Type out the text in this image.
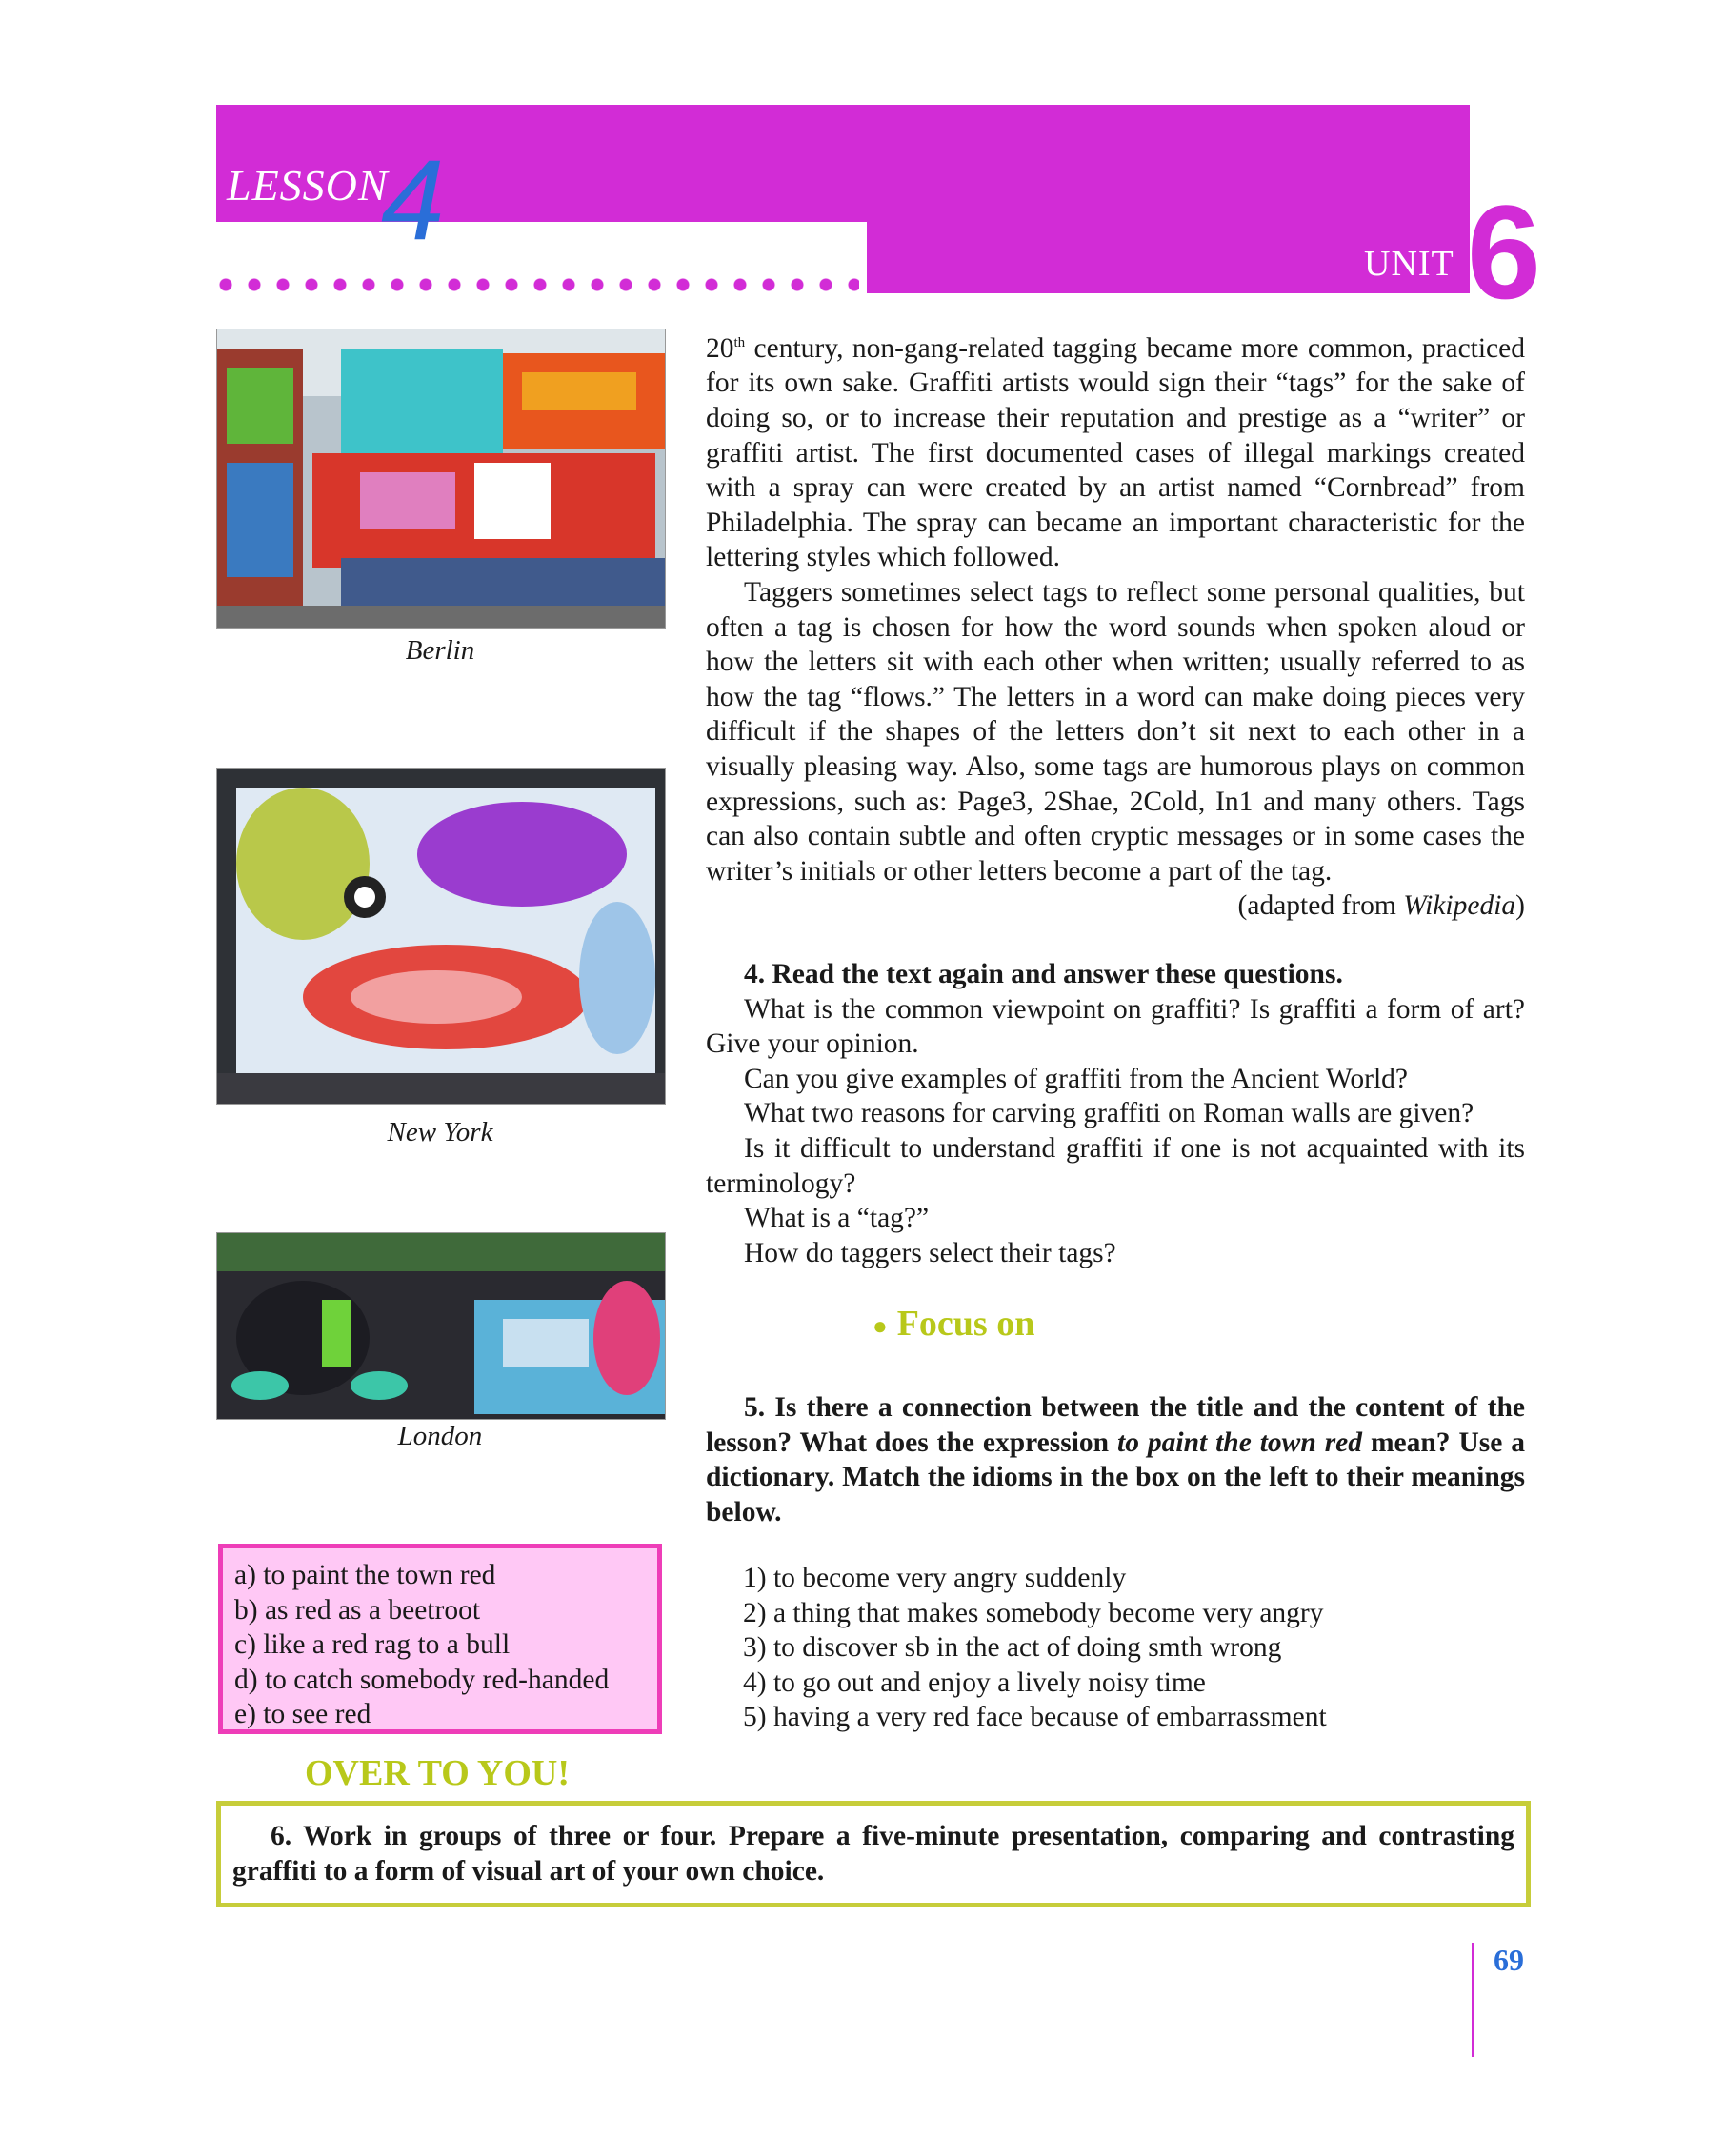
LESSON
4	UNIT 6
Berlin
New York
London

20th century, non-gang-related tagging became more common, practiced for its own sake. Graffiti artists would sign their “tags” for the sake of doing so, or to increase their reputation and prestige as a “writer” or graffiti artist. The first documented cases of illegal markings created with a spray can were created by an artist named “Cornbread” from Philadelphia. The spray can became an important characteristic for the lettering styles which followed.

Taggers sometimes select tags to reflect some personal qualities, but often a tag is chosen for how the word sounds when spoken aloud or how the letters sit with each other when written; usually referred to as how the tag “flows.” The letters in a word can make doing pieces very difficult if the shapes of the letters don’t sit next to each other in a visually pleasing way. Also, some tags are humorous plays on common expressions, such as: Page3, 2Shae, 2Cold, In1 and many others. Tags can also contain subtle and often cryptic messages or in some cases the writer’s initials or other letters become a part of the tag.

(adapted from Wikipedia)

4. Read the text again and answer these questions.

What is the common viewpoint on graffiti? Is graffiti a form of art? Give your opinion.

Can you give examples of graffiti from the Ancient World?

What two reasons for carving graffiti on Roman walls are given?

Is it difficult to understand graffiti if one is not acquainted with its terminology?

What is a “tag?”

How do taggers select their tags?

● Focus on

5. Is there a connection between the title and the content of the lesson? What does the expression to paint the town red mean? Use a dictionary. Match the idioms in the box on the left to their meanings below.

a) to paint the town red
b) as red as a beetroot
c) like a red rag to a bull
d) to catch somebody red-handed
e) to see red
1) to become very angry suddenly
2) a thing that makes somebody become very angry
3) to discover sb in the act of doing smth wrong
4) to go out and enjoy a lively noisy time
5) having a very red face because of embarrassment
OVER TO YOU!
6. Work in groups of three or four. Prepare a five-minute presentation, comparing and contrasting graffiti to a form of visual art of your own choice.
69
